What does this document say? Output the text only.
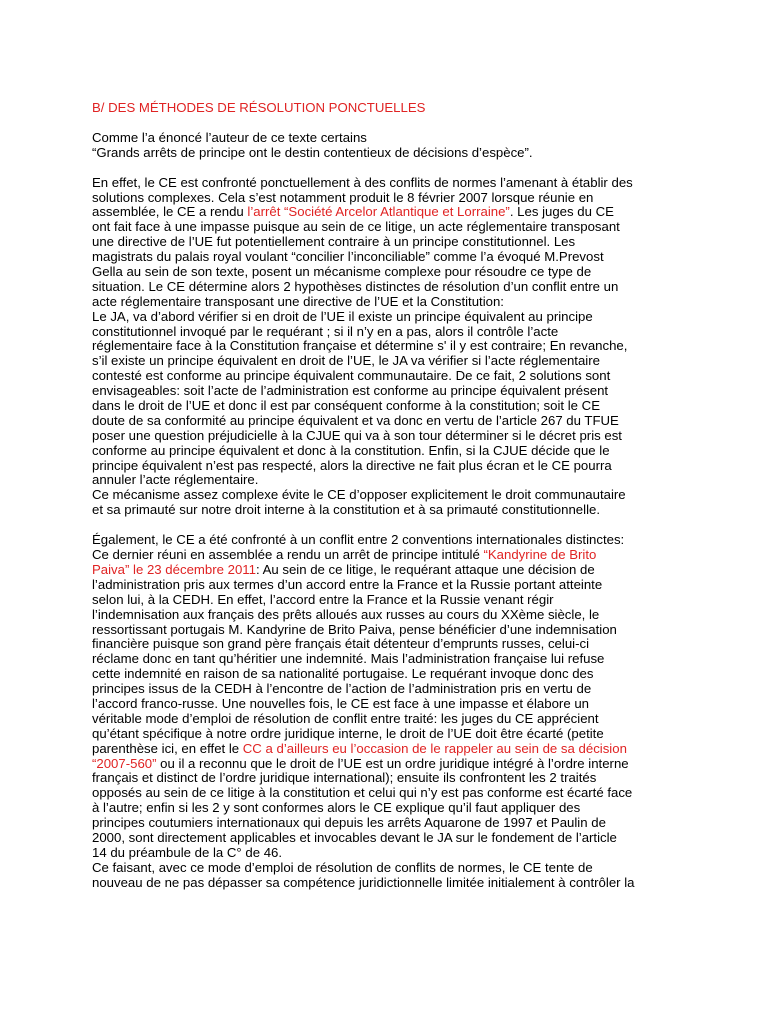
B/ DES MÉTHODES DE RÉSOLUTION PONCTUELLES
Comme l’a énoncé l’auteur de ce texte certains
“Grands arrêts de principe ont le destin contentieux de décisions d’espèce”.
En effet, le CE est confronté ponctuellement à des conflits de normes l’amenant à établir des
solutions complexes. Cela s’est notamment produit le 8 février 2007 lorsque réunie en
assemblée, le CE a rendu l’arrêt “Société Arcelor Atlantique et Lorraine”. Les juges du CE
ont fait face à une impasse puisque au sein de ce litige, un acte réglementaire transposant
une directive de l’UE fut potentiellement contraire à un principe constitutionnel. Les
magistrats du palais royal voulant “concilier l’inconciliable” comme l’a évoqué M.Prevost
Gella au sein de son texte, posent un mécanisme complexe pour résoudre ce type de
situation. Le CE détermine alors 2 hypothèses distinctes de résolution d’un conflit entre un
acte réglementaire transposant une directive de l’UE et la Constitution:
Le JA, va d’abord vérifier si en droit de l’UE il existe un principe équivalent au principe
constitutionnel invoqué par le requérant ; si il n’y en a pas, alors il contrôle l’acte
réglementaire face à la Constitution française et détermine s' il y est contraire; En revanche,
s’il existe un principe équivalent en droit de l’UE, le JA va vérifier si l’acte réglementaire
contesté est conforme au principe équivalent communautaire. De ce fait, 2 solutions sont
envisageables: soit l’acte de l’administration est conforme au principe équivalent présent
dans le droit de l’UE et donc il est par conséquent conforme à la constitution; soit le CE
doute de sa conformité au principe équivalent et va donc en vertu de l’article 267 du TFUE
poser une question préjudicielle à la CJUE qui va à son tour déterminer si le décret pris est
conforme au principe équivalent et donc à la constitution. Enfin, si la CJUE décide que le
principe équivalent n’est pas respecté, alors la directive ne fait plus écran et le CE pourra
annuler l’acte réglementaire.
Ce mécanisme assez complexe évite le CE d’opposer explicitement le droit communautaire
et sa primauté sur notre droit interne à la constitution et à sa primauté constitutionnelle.
Également, le CE a été confronté à un conflit entre 2 conventions internationales distinctes:
Ce dernier réuni en assemblée a rendu un arrêt de principe intitulé “Kandyrine de Brito
Paiva” le 23 décembre 2011: Au sein de ce litige, le requérant attaque une décision de
l’administration pris aux termes d’un accord entre la France et la Russie portant atteinte
selon lui, à la CEDH. En effet, l’accord entre la France et la Russie venant régir
l’indemnisation aux français des prêts alloués aux russes au cours du XXème siècle, le
ressortissant portugais M. Kandyrine de Brito Paiva, pense bénéficier d’une indemnisation
financière puisque son grand père français était détenteur d’emprunts russes, celui-ci
réclame donc en tant qu’héritier une indemnité. Mais l’administration française lui refuse
cette indemnité en raison de sa nationalité portugaise. Le requérant invoque donc des
principes issus de la CEDH à l’encontre de l’action de l’administration pris en vertu de
l’accord franco-russe. Une nouvelles fois, le CE est face à une impasse et élabore un
véritable mode d’emploi de résolution de conflit entre traité: les juges du CE apprécient
qu’étant spécifique à notre ordre juridique interne, le droit de l’UE doit être écarté (petite
parenthèse ici, en effet le CC a d’ailleurs eu l’occasion de le rappeler au sein de sa décision
“2007-560” ou il a reconnu que le droit de l’UE est un ordre juridique intégré à l’ordre interne
français et distinct de l’ordre juridique international); ensuite ils confrontent les 2 traités
opposés au sein de ce litige à la constitution et celui qui n’y est pas conforme est écarté face
à l’autre; enfin si les 2 y sont conformes alors le CE explique qu’il faut appliquer des
principes coutumiers internationaux qui depuis les arrêts Aquarone de 1997 et Paulin de
2000, sont directement applicables et invocables devant le JA sur le fondement de l’article
14 du préambule de la C° de 46.
Ce faisant, avec ce mode d’emploi de résolution de conflits de normes, le CE tente de
nouveau de ne pas dépasser sa compétence juridictionnelle limitée initialement à contrôler la
